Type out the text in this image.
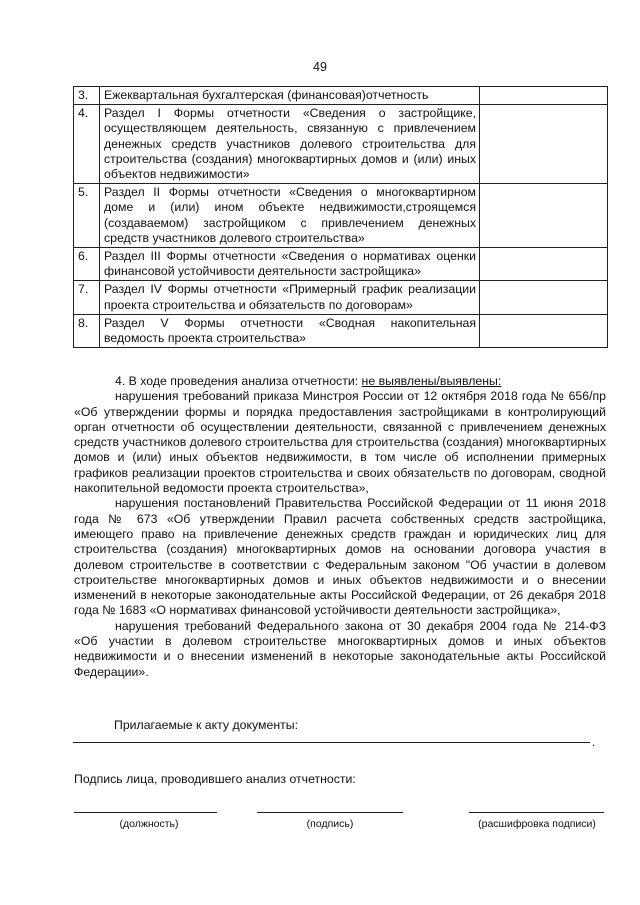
49
3.	Ежеквартальная бухгалтерская (финансовая)отчетность	
4.	Раздел I Формы отчетности «Сведения о застройщике, осуществляющем деятельность, связанную с привлечением денежных средств участников долевого строительства для строительства (создания) многоквартирных домов и (или) иных объектов недвижимости»	
5.	Раздел II Формы отчетности «Сведения о многоквартирном доме и (или) ином объекте недвижимости,строящемся (создаваемом) застройщиком с привлечением денежных средств участников долевого строительства»	
6.	Раздел III Формы отчетности «Сведения о нормативах оценки финансовой устойчивости деятельности застройщика»	
7.	Раздел IV Формы отчетности «Примерный график реализации проекта строительства и обязательств по договорам»	
8.	Раздел V Формы отчетности «Сводная накопительная ведомость проекта строительства»	

4. В ходе проведения анализа отчетности: не выявлены/выявлены:

нарушения требований приказа Минстроя России от 12 октября 2018 года № 656/пр «Об утверждении формы и порядка предоставления застройщиками в контролирующий орган отчетности об осуществлении деятельности, связанной с привлечением денежных средств участников долевого строительства для строительства (создания) многоквартирных домов и (или) иных объектов недвижимости, в том числе об исполнении примерных графиков реализации проектов строительства и своих обязательств по договорам, сводной накопительной ведомости проекта строительства»,

нарушения постановлений Правительства Российской Федерации от 11 июня 2018 года № 673 «Об утверждении Правил расчета собственных средств застройщика, имеющего право на привлечение денежных средств граждан и юридических лиц для строительства (создания) многоквартирных домов на основании договора участия в долевом строительстве в соответствии с Федеральным законом "Об участии в долевом строительстве многоквартирных домов и иных объектов недвижимости и о внесении изменений в некоторые законодательные акты Российской Федерации, от 26 декабря 2018 года № 1683 «О нормативах финансовой устойчивости деятельности застройщика»,

нарушения требований Федерального закона от 30 декабря 2004 года № 214-ФЗ «Об участии в долевом строительстве многоквартирных домов и иных объектов недвижимости и о внесении изменений в некоторые законодательные акты Российской Федерации».

Прилагаемые к акту документы:
.
Подпись лица, проводившего анализ отчетности:
(должность)	(подпись)	(расшифровка подписи)
